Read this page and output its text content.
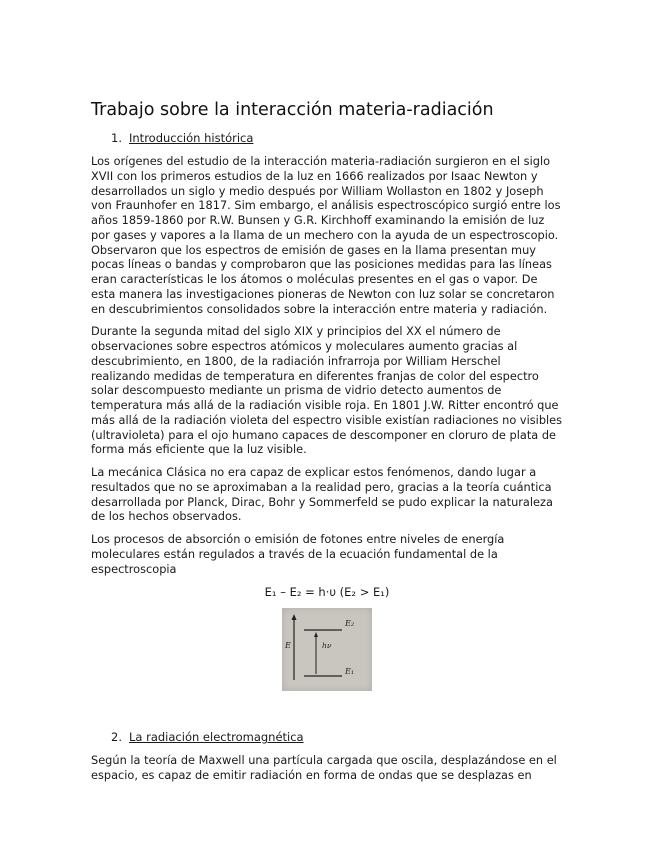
Trabajo sobre la interacción materia-radiación
1. Introducción histórica

Los orígenes del estudio de la interacción materia-radiación surgieron en el siglo XVII con los primeros estudios de la luz en 1666 realizados por Isaac Newton y desarrollados un siglo y medio después por William Wollaston en 1802 y Joseph von Fraunhofer en 1817. Sim embargo, el análisis espectroscópico surgió entre los años 1859-1860 por R.W. Bunsen y G.R. Kirchhoff examinando la emisión de luz por gases y vapores a la llama de un mechero con la ayuda de un espectroscopio. Observaron que los espectros de emisión de gases en la llama presentan muy pocas líneas o bandas y comprobaron que las posiciones medidas para las líneas eran características le los átomos o moléculas presentes en el gas o vapor. De esta manera las investigaciones pioneras de Newton con luz solar se concretaron en descubrimientos consolidados sobre la interacción entre materia y radiación.

Durante la segunda mitad del siglo XIX y principios del XX el número de observaciones sobre espectros atómicos y moleculares aumento gracias al descubrimiento, en 1800, de la radiación infrarroja por William Herschel realizando medidas de temperatura en diferentes franjas de color del espectro solar descompuesto mediante un prisma de vidrio detecto aumentos de temperatura más allá de la radiación visible roja. En 1801 J.W. Ritter encontró que más allá de la radiación violeta del espectro visible existían radiaciones no visibles (ultravioleta) para el ojo humano capaces de descomponer en cloruro de plata de forma más eficiente que la luz visible.

La mecánica Clásica no era capaz de explicar estos fenómenos, dando lugar a resultados que no se aproximaban a la realidad pero, gracias a la teoría cuántica desarrollada por Planck, Dirac, Bohr y Sommerfeld se pudo explicar la naturaleza de los hechos observados.

Los procesos de absorción o emisión de fotones entre niveles de energía moleculares están regulados a través de la ecuación fundamental de la espectroscopia

E₁ – E₂ = h·υ (E₂ > E₁)
E
E₂
E₁
hν
2. La radiación electromagnética

Según la teoría de Maxwell una partícula cargada que oscila, desplazándose en el espacio, es capaz de emitir radiación en forma de ondas que se desplazas en
